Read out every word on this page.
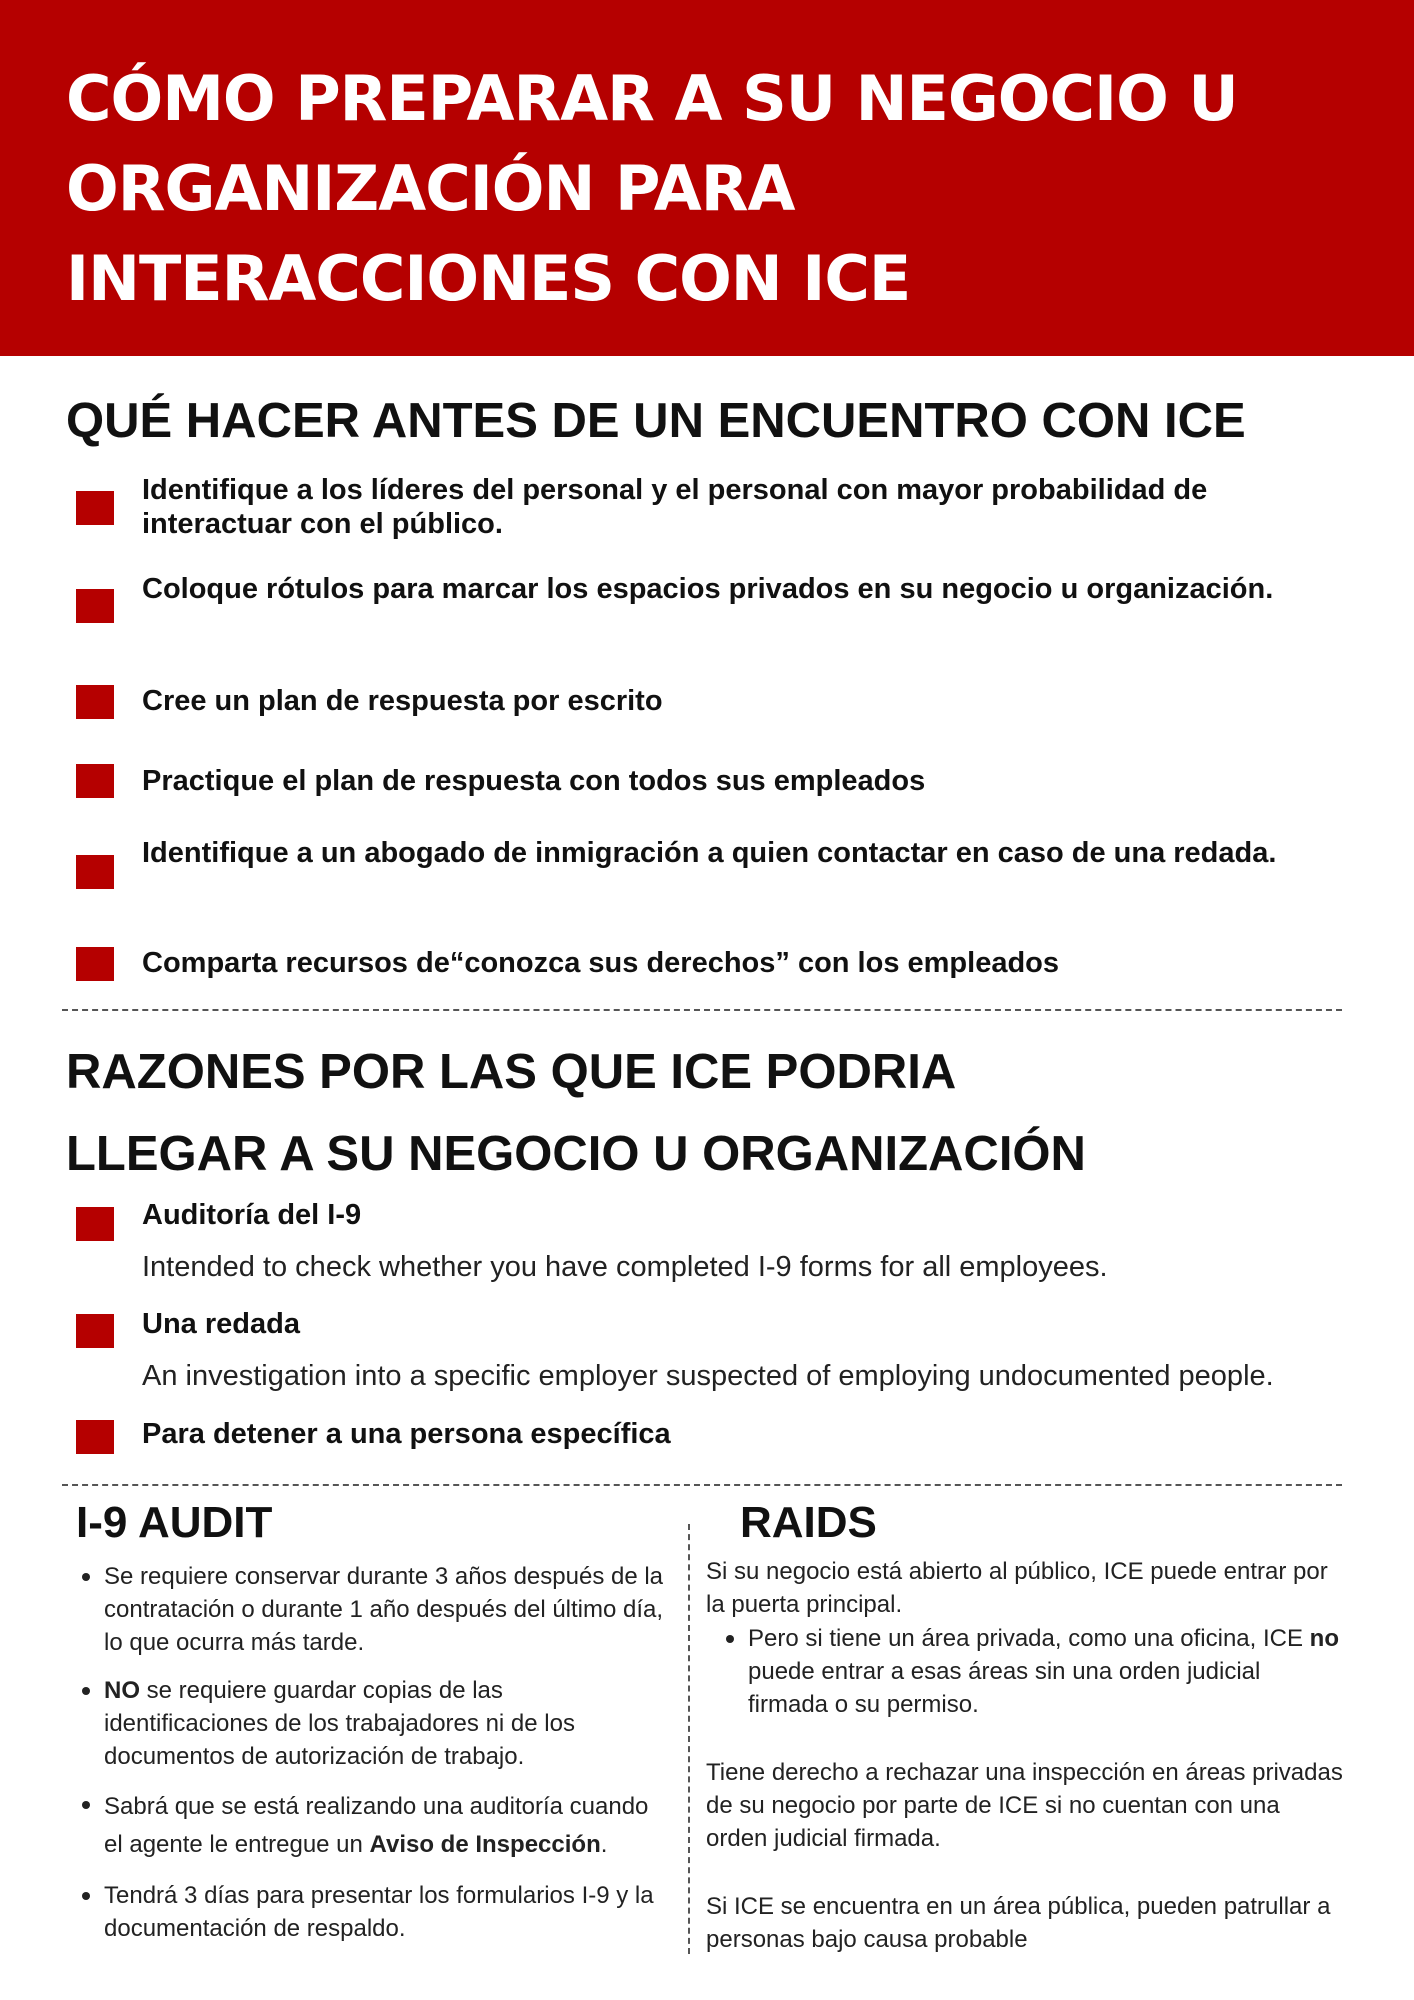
CÓMO PREPARAR A SU NEGOCIO U
ORGANIZACIÓN PARA
INTERACCIONES CON ICE
QUÉ HACER ANTES DE UN ENCUENTRO CON ICE

Identifique a los líderes del personal y el personal con mayor probabilidad de interactuar con el público.

Coloque rótulos para marcar los espacios privados en su negocio u organización.

Cree un plan de respuesta por escrito

Practique el plan de respuesta con todos sus empleados

Identifique a un abogado de inmigración a quien contactar en caso de una redada.

Comparta recursos de“conozca sus derechos” con los empleados

RAZONES POR LAS QUE ICE PODRIA
LLEGAR A SU NEGOCIO U ORGANIZACIÓN

Auditoría del I-9

Intended to check whether you have completed I-9 forms for all employees.

Una redada

An investigation into a specific employer suspected of employing undocumented people.

Para detener a una persona específica

I-9 AUDIT
Se requiere conservar durante 3 años después de la contratación o durante 1 año después del último día, lo que ocurra más tarde.
NO se requiere guardar copias de las identificaciones de los trabajadores ni de los documentos de autorización de trabajo.
Sabrá que se está realizando una auditoría cuando el agente le entregue un Aviso de Inspección.
Tendrá 3 días para presentar los formularios I-9 y la documentación de respaldo.
RAIDS

Si su negocio está abierto al público, ICE puede entrar por la puerta principal.

Pero si tiene un área privada, como una oficina, ICE no puede entrar a esas áreas sin una orden judicial firmada o su permiso.

Tiene derecho a rechazar una inspección en áreas privadas de su negocio por parte de ICE si no cuentan con una orden judicial firmada.

Si ICE se encuentra en un área pública, pueden patrullar a personas bajo causa probable
